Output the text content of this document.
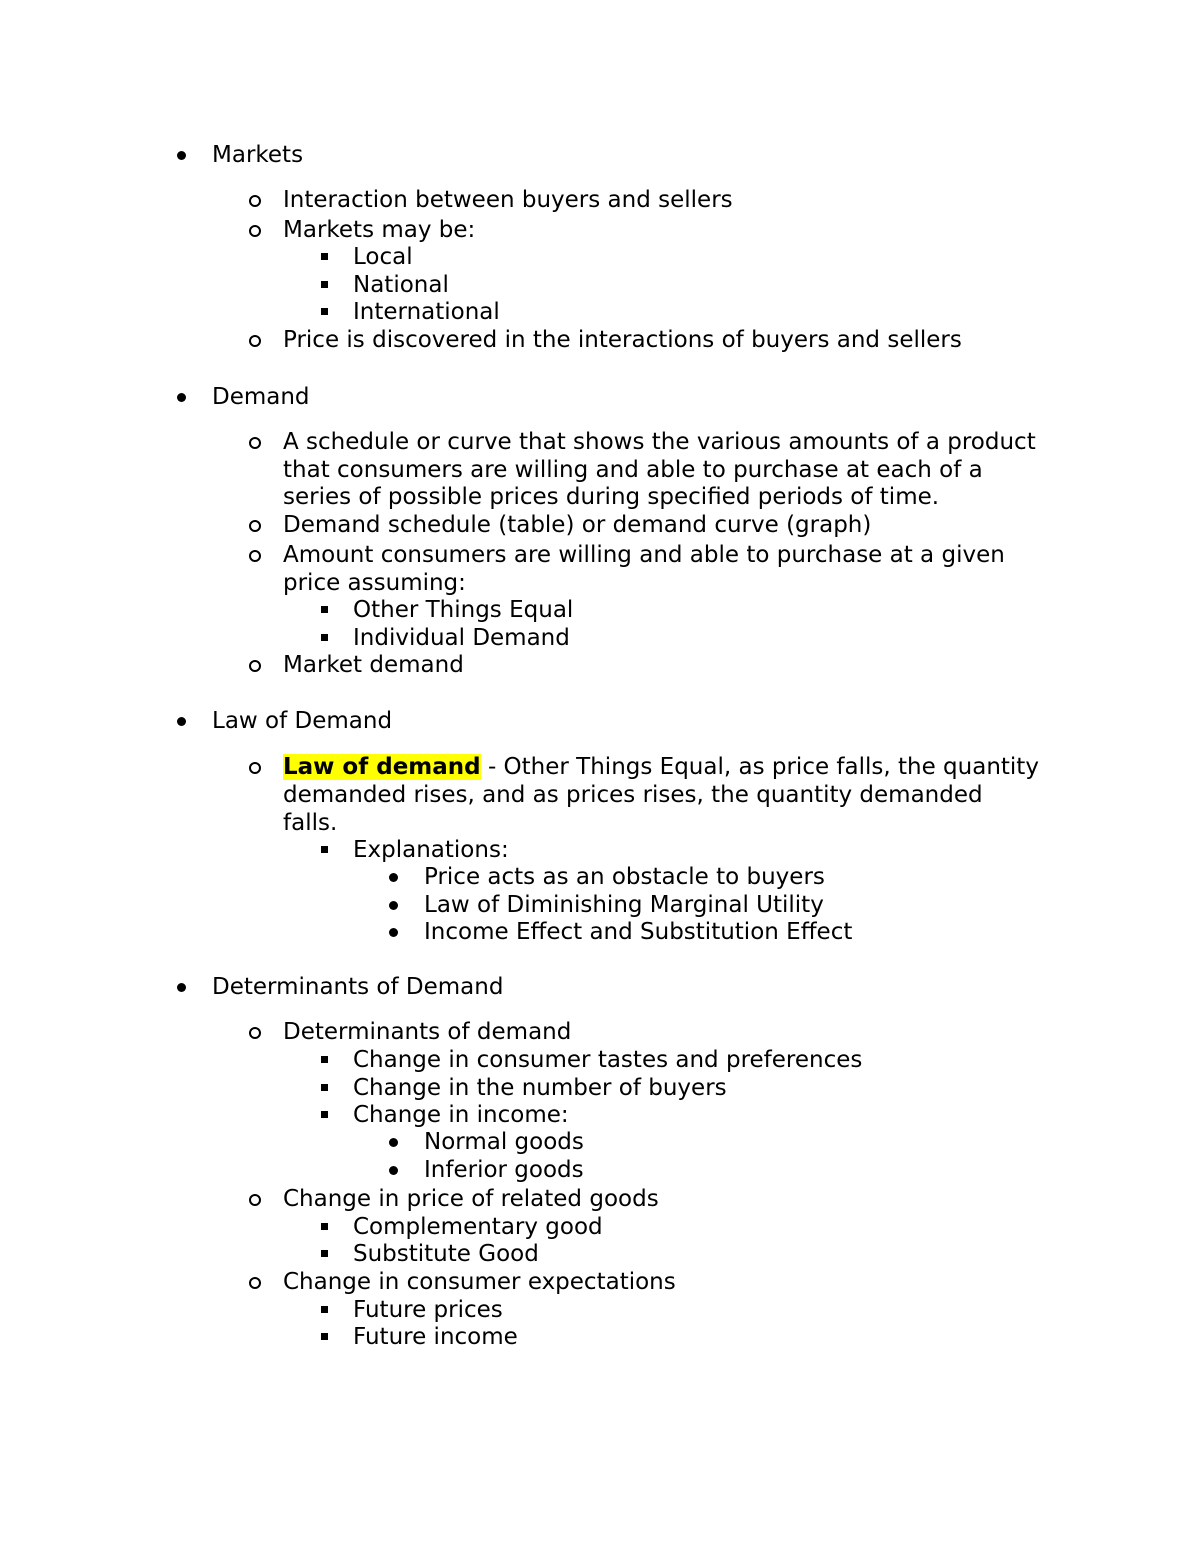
Markets
Interaction between buyers and sellers
Markets may be:
Local
National
International
Price is discovered in the interactions of buyers and sellers
Demand
A schedule or curve that shows the various amounts of a product
that consumers are willing and able to purchase at each of a
series of possible prices during specified periods of time.
Demand schedule (table) or demand curve (graph)
Amount consumers are willing and able to purchase at a given
price assuming:
Other Things Equal
Individual Demand
Market demand
Law of Demand
Law of demand - Other Things Equal, as price falls, the quantity
demanded rises, and as prices rises, the quantity demanded
falls.
Explanations:
Price acts as an obstacle to buyers
Law of Diminishing Marginal Utility
Income Effect and Substitution Effect
Determinants of Demand
Determinants of demand
Change in consumer tastes and preferences
Change in the number of buyers
Change in income:
Normal goods
Inferior goods
Change in price of related goods
Complementary good
Substitute Good
Change in consumer expectations
Future prices
Future income
